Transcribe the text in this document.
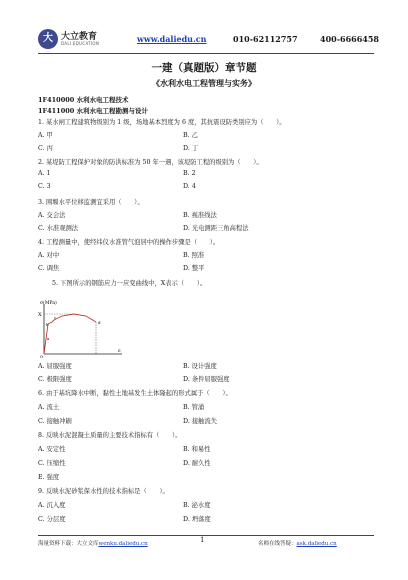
大 大立教育
DALI EDUCATION	www.daliedu.cn	010-62112757	400-6666458
一建（真题版）章节题
《水利水电工程管理与实务》
1F410000 水利水电工程技术
1F411000 水利水电工程勘测与设计
1. 某水闸工程建筑物级别为 1 级，场地基本烈度为 6 度，其抗震设防类别应为（　　）。
A. 甲	B. 乙
C. 丙	D. 丁
2. 某堤防工程保护对象的防洪标准为 50 年一遇，该堤防工程的级别为（　　）。
A. 1	B. 2
C. 3	D. 4
3. 围堰水平位移监测宜采用（　　）。
A. 交会法	B. 视准线法
C. 水准观测法	D. 光电测距三角高程法
4. 工程测量中，使经纬仪水准管气泡居中的操作步骤是（　　）。
A. 对中	B. 照准
C. 调焦	D. 整平
5. 下图所示的钢筋应力一应变曲线中，X表示（　　）。
σ(MPa)
ε
X
b
c
a
d
O
A. 屈服强度	B. 设计强度
C. 极限强度	D. 条件屈服强度
6. 由于基坑降水中断，黏性土地基发生土体隆起的形式属于（　　）。
A. 流土	B. 管涌
C. 接触冲刷	D. 接触流失
8. 反映水泥混凝土质量的主要技术指标有（　　）。
A. 安定性	B. 和易性
C. 压缩性	D. 耐久性
E. 强度
9. 反映水泥砂浆保水性的技术指标是（　　）。
A. 沉入度	B. 泌水度
C. 分层度	D. 坍落度
海量资料下载：大立文库wenku.daliedu.cn	1	名师在线答疑：ask.daliedu.cn
